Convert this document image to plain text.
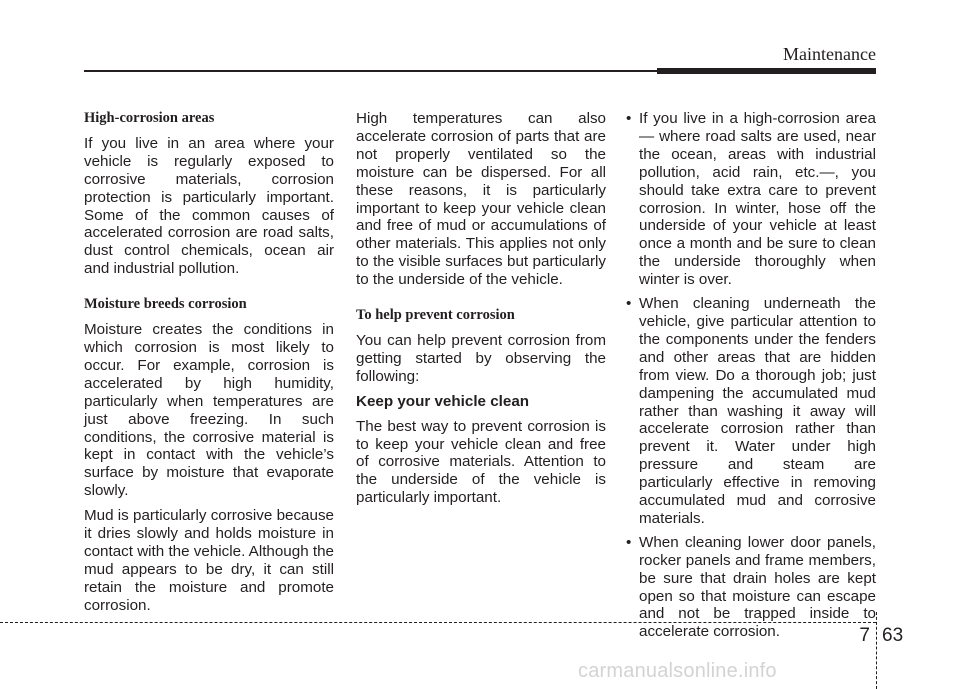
Maintenance

High-corrosion areas

If you live in an area where your vehicle is regularly exposed to corrosive materials, corrosion protection is particularly important. Some of the common causes of accelerated corrosion are road salts, dust control chemicals, ocean air and industrial pollution.

Moisture breeds corrosion

Moisture creates the conditions in which corrosion is most likely to occur. For example, corrosion is accelerated by high humidity, particularly when temperatures are just above freezing. In such conditions, the corrosive material is kept in contact with the vehicle’s surface by moisture that evaporate slowly.

Mud is particularly corrosive because it dries slowly and holds moisture in contact with the vehicle. Although the mud appears to be dry, it can still retain the moisture and promote corrosion.

High temperatures can also accelerate corrosion of parts that are not properly ventilated so the moisture can be dispersed. For all these reasons, it is particularly important to keep your vehicle clean and free of mud or accumulations of other materials. This applies not only to the visible surfaces but particularly to the underside of the vehicle.

To help prevent corrosion

You can help prevent corrosion from getting started by observing the following:

Keep your vehicle clean

The best way to prevent corrosion is to keep your vehicle clean and free of corrosive materials. Attention to the underside of the vehicle is particularly important.

• If you live in a high-corrosion area — where road salts are used, near the ocean, areas with industrial pollution, acid rain, etc.—, you should take extra care to prevent corrosion. In winter, hose off the underside of your vehicle at least once a month and be sure to clean the underside thoroughly when winter is over.
• When cleaning underneath the vehicle, give particular attention to the components under the fenders and other areas that are hidden from view. Do a thorough job; just dampening the accumulated mud rather than washing it away will accelerate corrosion rather than prevent it. Water under high pressure and steam are particularly effective in removing accumulated mud and corrosive materials.
• When cleaning lower door panels, rocker panels and frame members, be sure that drain holes are kept open so that moisture can escape and not be trapped inside to accelerate corrosion.	7 63
carmanualsonline.info
